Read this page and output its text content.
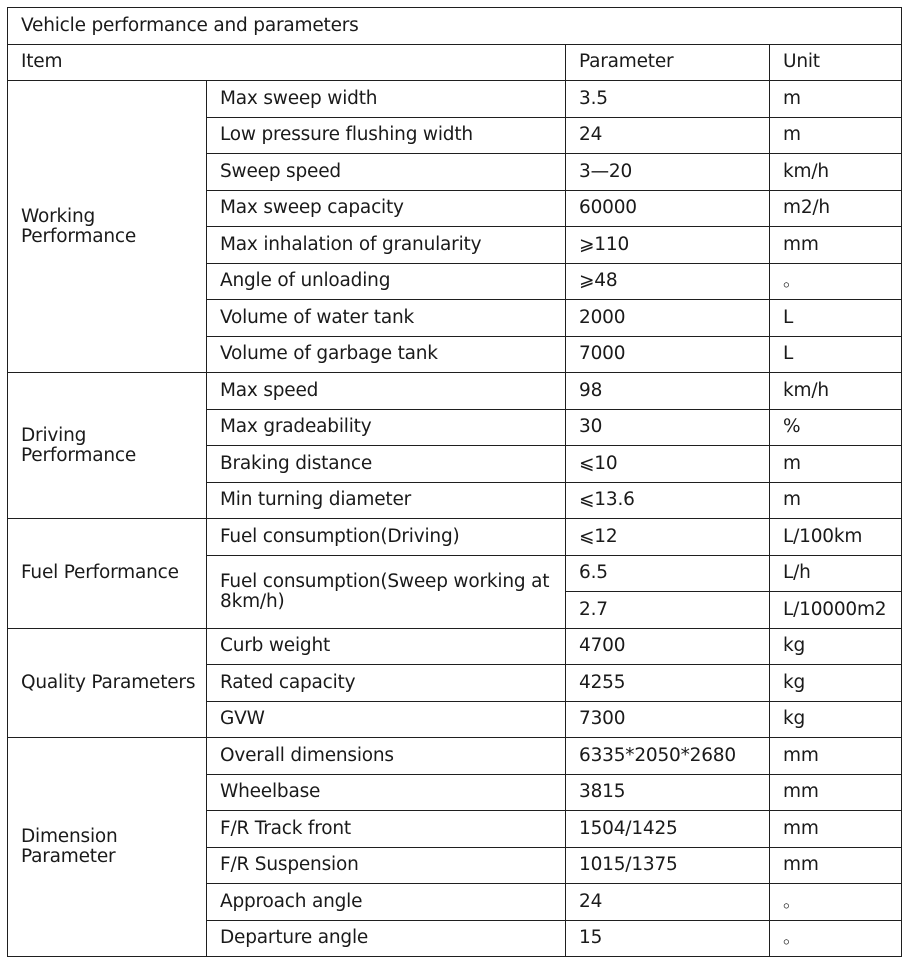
Vehicle performance and parameters			
Item		Parameter	Unit
Working Performance	Max sweep width	3.5	m
	Low pressure flushing width	24	m
	Sweep speed	3—20	km/h
	Max sweep capacity	60000	m2/h
	Max inhalation of granularity	⩾110	mm
	Angle of unloading	⩾48	。
	Volume of water tank	2000	L
	Volume of garbage tank	7000	L
Driving Performance	Max speed	98	km/h
	Max gradeability	30	%
	Braking distance	⩽10	m
	Min turning diameter	⩽13.6	m
Fuel Performance	Fuel consumption(Driving)	⩽12	L/100km
	Fuel consumption(Sweep working at 8km/h)	6.5	L/h
		2.7	L/10000m2
Quality Parameters	Curb weight	4700	kg
	Rated capacity	4255	kg
	GVW	7300	kg
Dimension Parameter	Overall dimensions	6335*2050*2680	mm
	Wheelbase	3815	mm
	F/R Track front	1504/1425	mm
	F/R Suspension	1015/1375	mm
	Approach angle	24	。
	Departure angle	15	。
